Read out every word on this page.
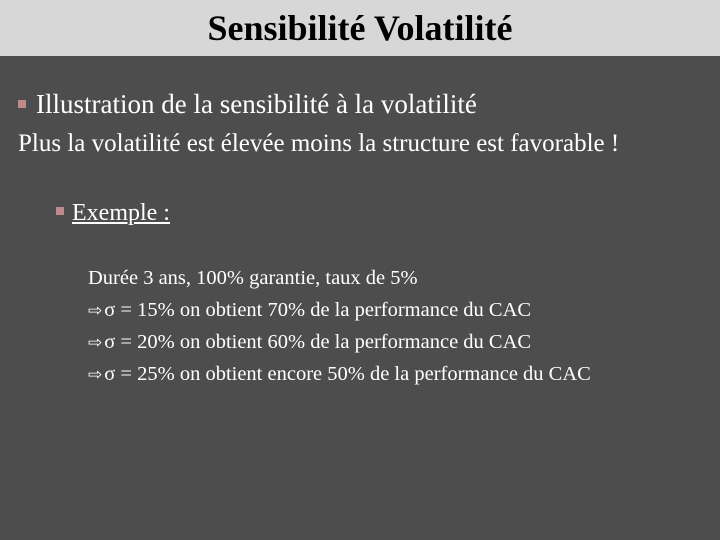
Sensibilité Volatilité
Illustration de la sensibilité à la volatilité
Plus la volatilité est élevée moins la structure est favorable !
Exemple :
Durée 3 ans, 100% garantie, taux de 5%
⇨σ = 15% on obtient 70% de la performance du CAC
⇨σ = 20% on obtient 60% de la performance du CAC
⇨σ = 25% on obtient encore 50% de la performance du CAC
